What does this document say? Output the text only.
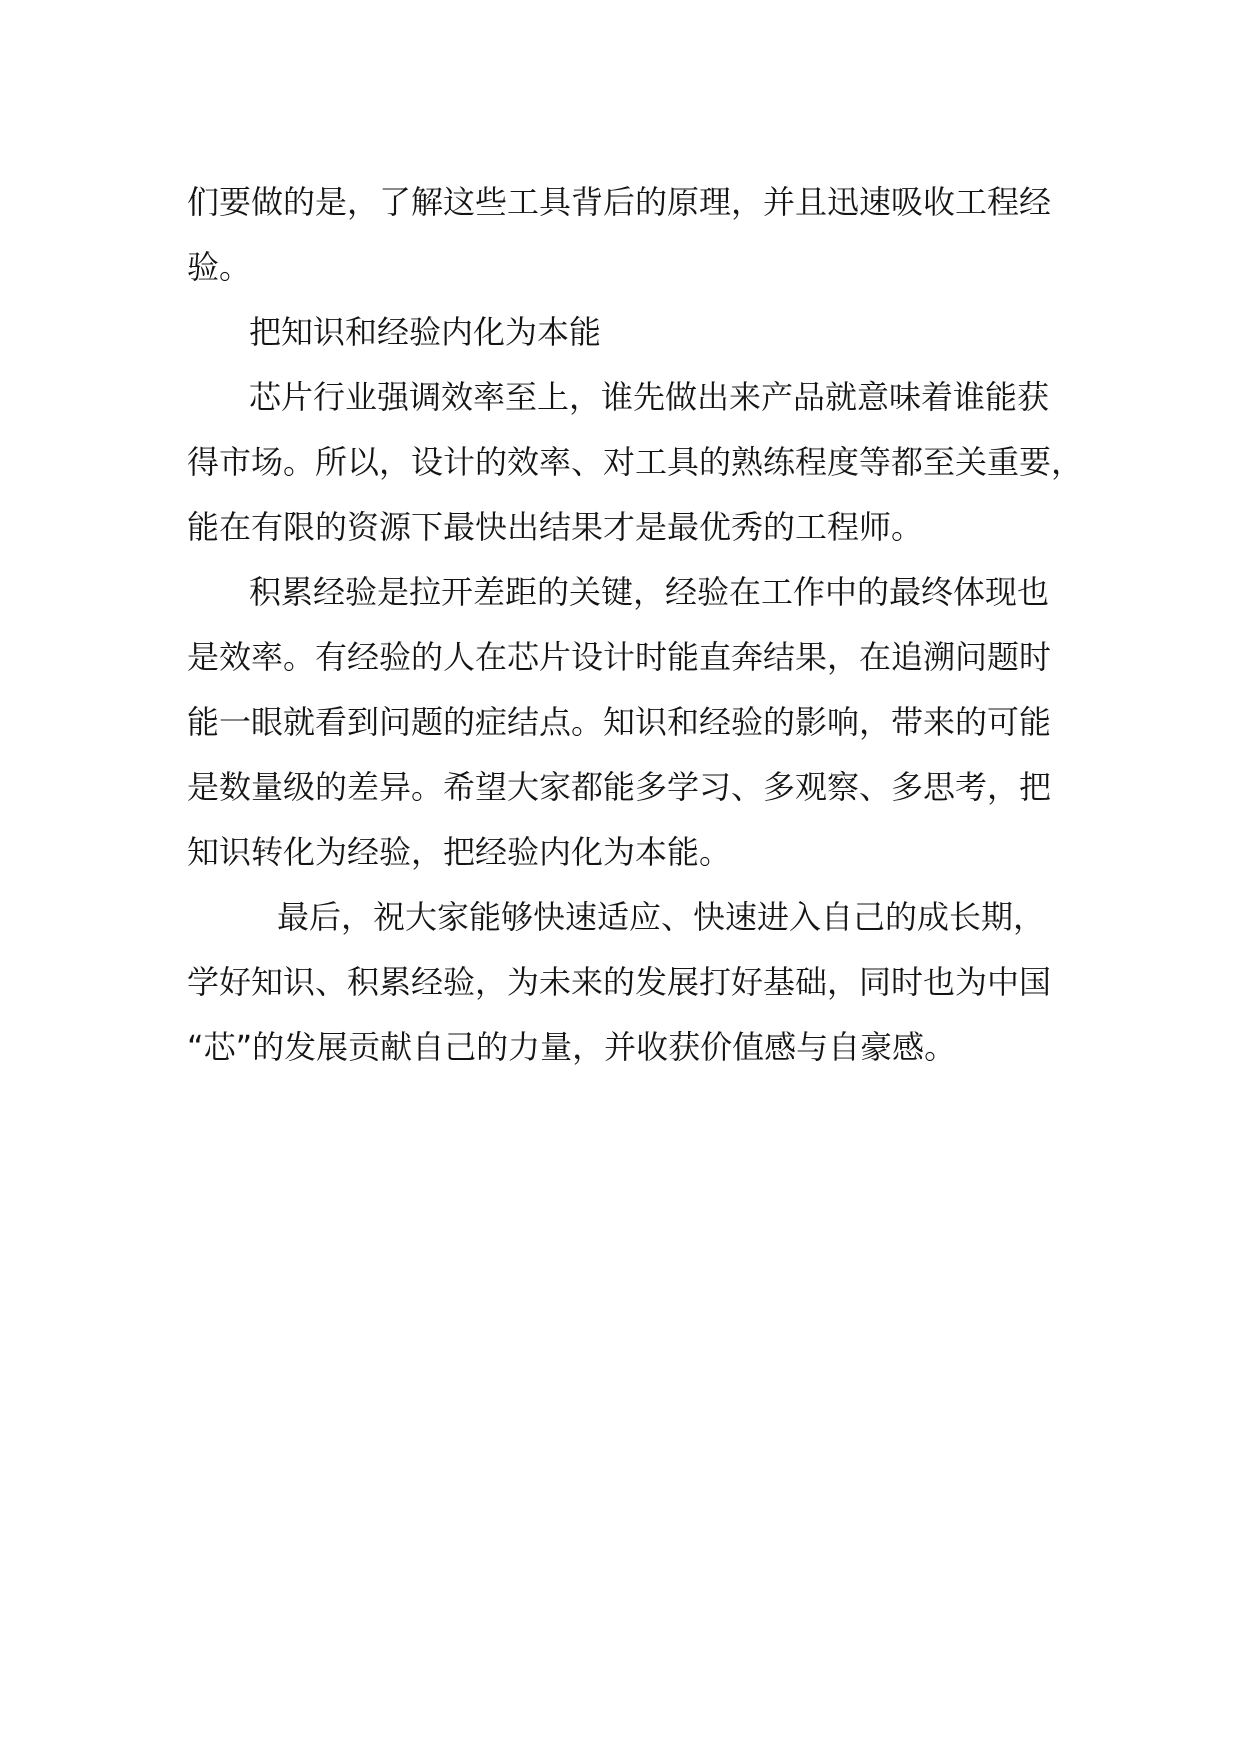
们要做的是，了解这些工具背后的原理，并且迅速吸收工程经
验。
把知识和经验内化为本能
芯片行业强调效率至上，谁先做出来产品就意味着谁能获
得市场。所以，设计的效率、对工具的熟练程度等都至关重要，
能在有限的资源下最快出结果才是最优秀的工程师。
积累经验是拉开差距的关键，经验在工作中的最终体现也
是效率。有经验的人在芯片设计时能直奔结果，在追溯问题时
能一眼就看到问题的症结点。知识和经验的影响，带来的可能
是数量级的差异。希望大家都能多学习、多观察、多思考，把
知识转化为经验，把经验内化为本能。
最后，祝大家能够快速适应、快速进入自己的成长期，
学好知识、积累经验，为未来的发展打好基础，同时也为中国
“芯”的发展贡献自己的力量，并收获价值感与自豪感。
